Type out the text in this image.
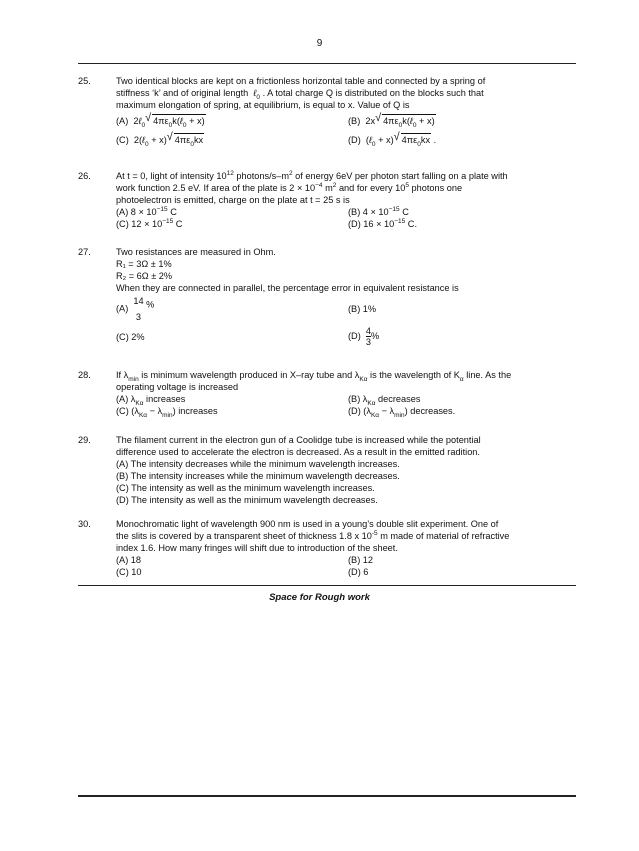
9
25.	Two identical blocks are kept on a frictionless horizontal table and connected by a spring of
stiffness ‘k’ and of original length ℓ$_0$ . A total charge Q is distributed on the blocks such that
maximum elongation of spring, at equilibrium, is equal to x. Value of Q is
(A)  2ℓ$_0$ √ $4\pi\varepsilon_0k(\ell_0 + x)$	(B)  2x √ $4\pi\varepsilon_0k(\ell_0 + x)$
(C)  2(ℓ$_0$ + x) √ $4\pi\varepsilon_0kx$	(D)  (ℓ$_0$ + x) √ $4\pi\varepsilon_0kx$ .
26.	At t = 0, light of intensity $10^{12}$ photons/$s-m^2$ of energy 6eV per photon start falling on a plate with
work function 2.5 eV. If area of the plate is $2 \times 10^{-4}$ $m^2$ and for every $10^5$ photons one
photoelectron is emitted, charge on the plate at t = 25 s is
(A) $8 \times 10^{-15}$ C	(B) $4 \times 10^{-15}$ C
(C) $12 \times 10^{-15}$ C	(D) $16 \times 10^{-15}$ C.
27.	Two resistances are measured in Ohm.
R₁ = 3Ω ± 1%
R₂ = 6Ω ± 2%
When they are connected in parallel, the percentage error in equivalent resistance is
(A)
14
3
%	(B) 1%
(C) 2%	$(D) \frac{4}{3}$ %
28.	If $\lambda_{min}$ is minimum wavelength produced in X–ray tube and $\lambda_{K\alpha}$ is the wavelength of $K_\alpha$ line. As the
operating voltage is increased
(A) $\lambda_{K\alpha}$ increases	(B) $\lambda_{K\alpha}$ decreases
(C) $(\lambda_{K\alpha} - \lambda_{min})$ increases	(D) $(\lambda_{K\alpha} - \lambda_{min})$ decreases.
29.	The filament current in the electron gun of a Coolidge tube is increased while the potential
difference used to accelerate the electron is decreased. As a result in the emitted radition.
(A) The intensity decreases while the minimum wavelength increases.
(B) The intensity increases while the minimum wavelength decreases.
(C) The intensity as well as the minimum wavelength increases.
(D) The intensity as well as the minimum wavelength decreases.
30.	Monochromatic light of wavelength 900 nm is used in a young’s double slit experiment. One of
the slits is covered by a transparent sheet of thickness 1.8 x $10^{-5}$ m made of material of refractive
index 1.6. How many fringes will shift due to introduction of the sheet.
(A) 18	(B) 12
(C) 10	(D) 6
Space for Rough work
